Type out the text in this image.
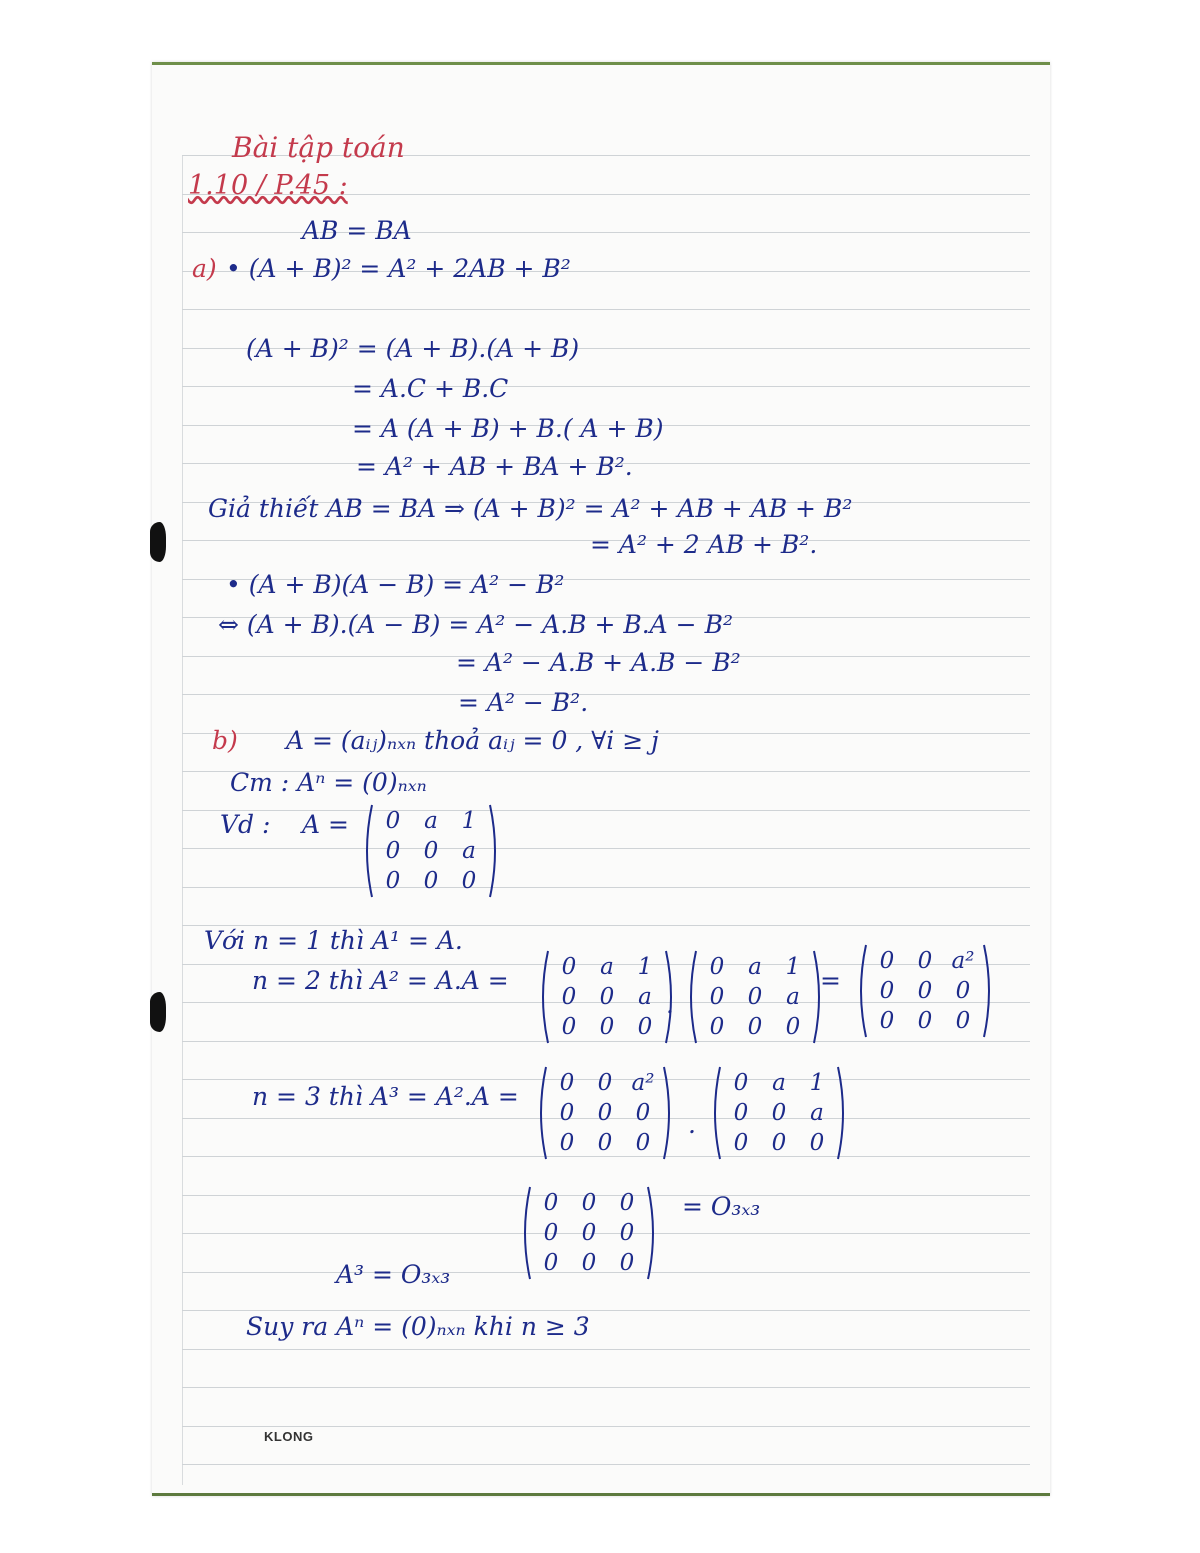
KLONG
Bài tập toán
1.10 / P.45 :
AB = BA
a) • (A + B)² = A² + 2AB + B²
(A + B)² = (A + B).(A + B)
= A.C + B.C
= A (A + B) + B.( A + B)
= A² + AB + BA + B².
Giả thiết AB = BA ⇒ (A + B)² = A² + AB + AB + B²
= A² + 2 AB + B².
• (A + B)(A − B) = A² − B²
⇔ (A + B).(A − B) = A² − A.B + B.A − B²
= A² − A.B + A.B − B²
= A² − B².
b) A = (aᵢⱼ)ₙₓₙ thoả aᵢⱼ = 0 , ∀i ≥ j
Cm : Aⁿ = (0)ₙₓₙ
Vd : A =	0	a	1
0	0	a
0	0	0
Với n = 1 thì A¹ = A.
n = 2 thì A² = A.A =	0	a	1
0	0	a
0	0	0
.
0	a	1
0	0	a
0	0	0
=
0	0 a²
0	0	0
0	0	0
n = 3 thì A³ = A².A =	0	0 a²
0	0	0
0	0	0
.
0	a	1
0	0	a
0	0	0
0	0	0
0	0	0
0	0	0
= O₃ₓ₃
A³ = O₃ₓ₃
Suy ra Aⁿ = (0)ₙₓₙ khi n ≥ 3
